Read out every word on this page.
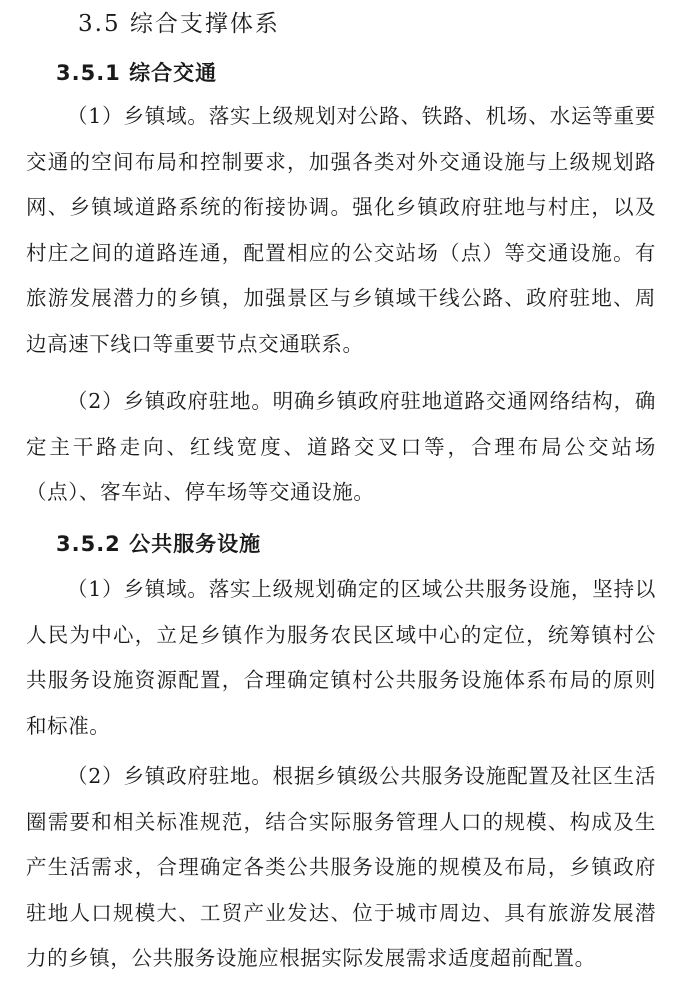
3.5 综合支撑体系
3.5.1 综合交通

（1）乡镇域。落实上级规划对公路、铁路、机场、水运等重要交通的空间布局和控制要求，加强各类对外交通设施与上级规划路网、乡镇域道路系统的衔接协调。强化乡镇政府驻地与村庄，以及村庄之间的道路连通，配置相应的公交站场（点）等交通设施。有旅游发展潜力的乡镇，加强景区与乡镇域干线公路、政府驻地、周边高速下线口等重要节点交通联系。

（2）乡镇政府驻地。明确乡镇政府驻地道路交通网络结构，确定主干路走向、红线宽度、道路交叉口等，合理布局公交站场（点）、客车站、停车场等交通设施。

3.5.2 公共服务设施

（1）乡镇域。落实上级规划确定的区域公共服务设施，坚持以人民为中心，立足乡镇作为服务农民区域中心的定位，统筹镇村公共服务设施资源配置，合理确定镇村公共服务设施体系布局的原则和标准。

（2）乡镇政府驻地。根据乡镇级公共服务设施配置及社区生活圈需要和相关标准规范，结合实际服务管理人口的规模、构成及生产生活需求，合理确定各类公共服务设施的规模及布局，乡镇政府驻地人口规模大、工贸产业发达、位于城市周边、具有旅游发展潜力的乡镇，公共服务设施应根据实际发展需求适度超前配置。
